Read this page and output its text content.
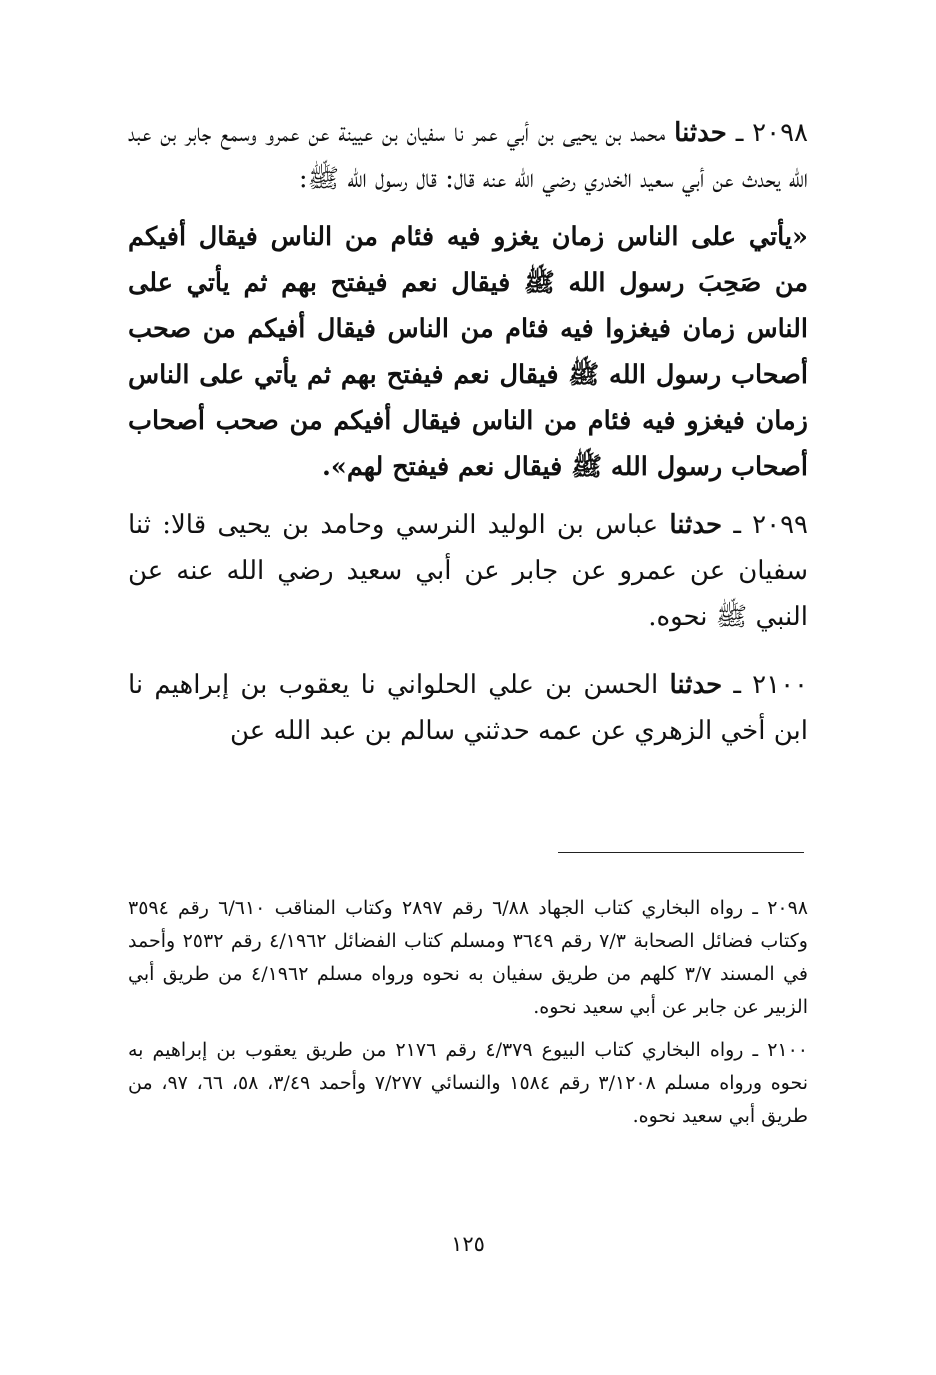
٢٠٩٨ ـ حدثنا محمد بن يحيى بن أبي عمر نا سفيان بن عيينة عن عمرو وسمع جابر بن عبد الله يحدث عن أبي سعيد الخدري رضي الله عنه قال: قال رسول الله ﷺ:

«يأتي على الناس زمان يغزو فيه فئام من الناس فيقال أفيكم من صَحِبَ رسول الله ﷺ فيقال نعم فيفتح بهم ثم يأتي على الناس زمان فيغزوا فيه فئام من الناس فيقال أفيكم من صحب أصحاب رسول الله ﷺ فيقال نعم فيفتح بهم ثم يأتي على الناس زمان فيغزو فيه فئام من الناس فيقال أفيكم من صحب أصحاب أصحاب رسول الله ﷺ فيقال نعم فيفتح لهم».

٢٠٩٩ ـ حدثنا عباس بن الوليد النرسي وحامد بن يحيى قالا: ثنا سفيان عن عمرو عن جابر عن أبي سعيد رضي الله عنه عن النبي ﷺ نحوه.

٢١٠٠ ـ حدثنا الحسن بن علي الحلواني نا يعقوب بن إبراهيم نا ابن أخي الزهري عن عمه حدثني سالم بن عبد الله عن

٢٠٩٨ ـ رواه البخاري كتاب الجهاد ٦/٨٨ رقم ٢٨٩٧ وكتاب المناقب ٦/٦١٠ رقم ٣٥٩٤ وكتاب فضائل الصحابة ٧/٣ رقم ٣٦٤٩ ومسلم كتاب الفضائل ٤/١٩٦٢ رقم ٢٥٣٢ وأحمد في المسند ٣/٧ كلهم من طريق سفيان به نحوه ورواه مسلم ٤/١٩٦٢ من طريق أبي الزبير عن جابر عن أبي سعيد نحوه.

٢١٠٠ ـ رواه البخاري كتاب البيوع ٤/٣٧٩ رقم ٢١٧٦ من طريق يعقوب بن إبراهيم به نحوه ورواه مسلم ٣/١٢٠٨ رقم ١٥٨٤ والنسائي ٧/٢٧٧ وأحمد ٣/٤٩، ٥٨، ٦٦، ٩٧، من طريق أبي سعيد نحوه.

١٢٥
